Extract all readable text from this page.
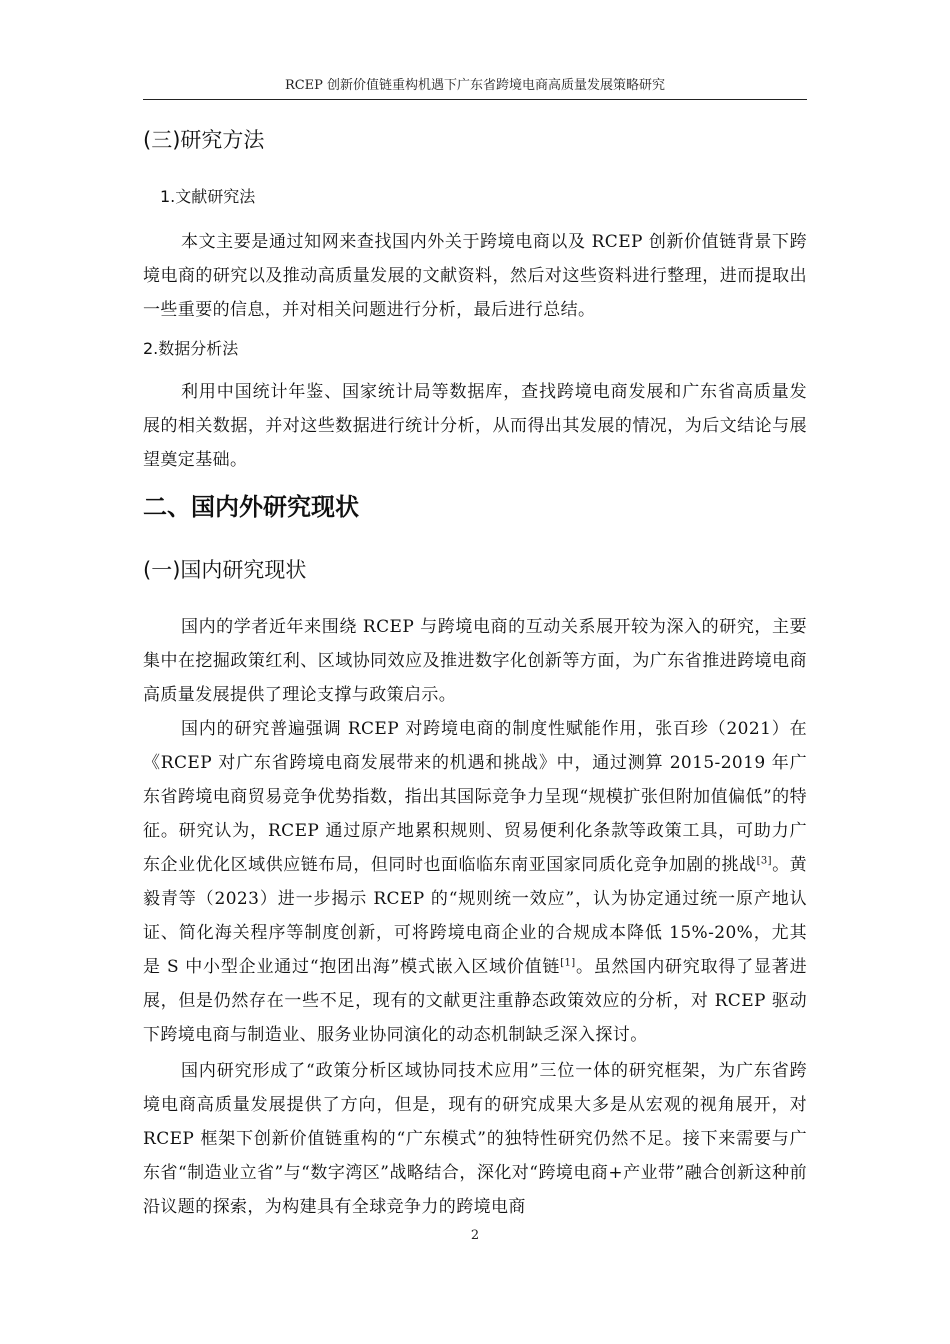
RCEP 创新价值链重构机遇下广东省跨境电商高质量发展策略研究
(三)研究方法
1.文献研究法

本文主要是通过知网来查找国内外关于跨境电商以及 RCEP 创新价值链背景下跨境电商的研究以及推动高质量发展的文献资料，然后对这些资料进行整理，进而提取出一些重要的信息，并对相关问题进行分析，最后进行总结。

2.数据分析法

利用中国统计年鉴、国家统计局等数据库，查找跨境电商发展和广东省高质量发展的相关数据，并对这些数据进行统计分析，从而得出其发展的情况，为后文结论与展望奠定基础。

二、国内外研究现状
(一)国内研究现状

国内的学者近年来围绕 RCEP 与跨境电商的互动关系展开较为深入的研究，主要集中在挖掘政策红利、区域协同效应及推进数字化创新等方面，为广东省推进跨境电商高质量发展提供了理论支撑与政策启示。

国内的研究普遍强调 RCEP 对跨境电商的制度性赋能作用，张百珍（2021）在《RCEP 对广东省跨境电商发展带来的机遇和挑战》中，通过测算 2015-2019 年广东省跨境电商贸易竞争优势指数，指出其国际竞争力呈现“规模扩张但附加值偏低”的特征。研究认为，RCEP 通过原产地累积规则、贸易便利化条款等政策工具，可助力广东企业优化区域供应链布局，但同时也面临临东南亚国家同质化竞争加剧的挑战[3]。黄毅青等（2023）进一步揭示 RCEP 的“规则统一效应”，认为协定通过统一原产地认证、简化海关程序等制度创新，可将跨境电商企业的合规成本降低 15%-20%，尤其是 S 中小型企业通过“抱团出海”模式嵌入区域价值链[1]。虽然国内研究取得了显著进展，但是仍然存在一些不足，现有的文献更注重静态政策效应的分析，对 RCEP 驱动下跨境电商与制造业、服务业协同演化的动态机制缺乏深入探讨。

国内研究形成了“政策分析区域协同技术应用”三位一体的研究框架，为广东省跨境电商高质量发展提供了方向，但是，现有的研究成果大多是从宏观的视角展开，对 RCEP 框架下创新价值链重构的“广东模式”的独特性研究仍然不足。接下来需要与广东省“制造业立省”与“数字湾区”战略结合，深化对“跨境电商+产业带”融合创新这种前沿议题的探索，为构建具有全球竞争力的跨境电商

2
